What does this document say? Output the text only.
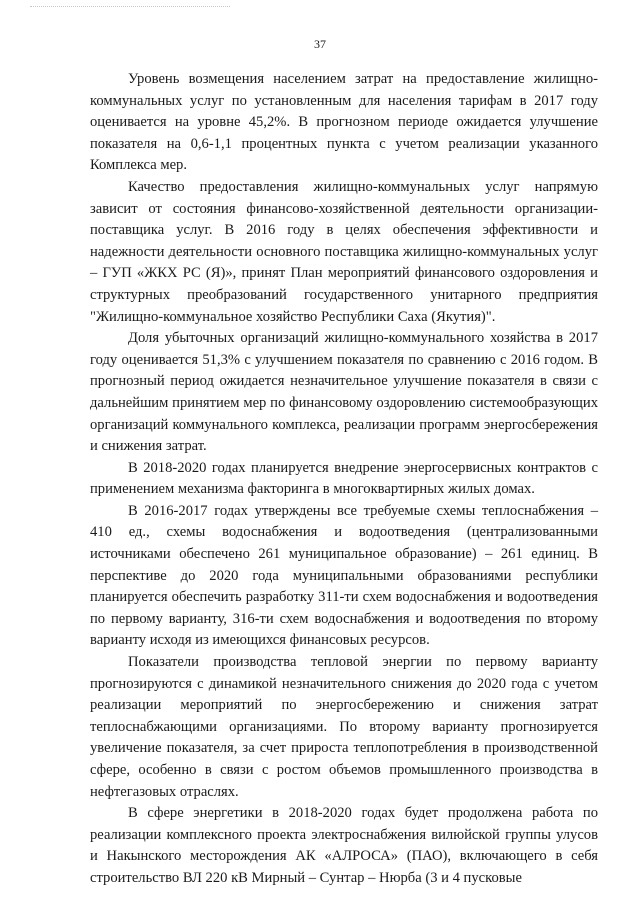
37

Уровень возмещения населением затрат на предоставление жилищно-коммунальных услуг по установленным для населения тарифам в 2017 году оценивается на уровне 45,2%. В прогнозном периоде ожидается улучшение показателя на 0,6-1,1 процентных пункта с учетом реализации указанного Комплекса мер.

Качество предоставления жилищно-коммунальных услуг напрямую зависит от состояния финансово-хозяйственной деятельности организации-поставщика услуг. В 2016 году в целях обеспечения эффективности и надежности деятельности основного поставщика жилищно-коммунальных услуг – ГУП «ЖКХ РС (Я)», принят План мероприятий финансового оздоровления и структурных преобразований государственного унитарного предприятия "Жилищно-коммунальное хозяйство Республики Саха (Якутия)".

Доля убыточных организаций жилищно-коммунального хозяйства в 2017 году оценивается 51,3% с улучшением показателя по сравнению с 2016 годом. В прогнозный период ожидается незначительное улучшение показателя в связи с дальнейшим принятием мер по финансовому оздоровлению системообразующих организаций коммунального комплекса, реализации программ энергосбережения и снижения затрат.

В 2018-2020 годах планируется внедрение энергосервисных контрактов с применением механизма факторинга в многоквартирных жилых домах.

В 2016-2017 годах утверждены все требуемые схемы теплоснабжения – 410 ед., схемы водоснабжения и водоотведения (централизованными источниками обеспечено 261 муниципальное образование) – 261 единиц. В перспективе до 2020 года муниципальными образованиями республики планируется обеспечить разработку 311-ти схем водоснабжения и водоотведения по первому варианту, 316-ти схем водоснабжения и водоотведения по второму варианту исходя из имеющихся финансовых ресурсов.

Показатели производства тепловой энергии по первому варианту прогнозируются с динамикой незначительного снижения до 2020 года с учетом реализации мероприятий по энергосбережению и снижения затрат теплоснабжающими организациями. По второму варианту прогнозируется увеличение показателя, за счет прироста теплопотребления в производственной сфере, особенно в связи с ростом объемов промышленного производства в нефтегазовых отраслях.

В сфере энергетики в 2018-2020 годах будет продолжена работа по реализации комплексного проекта электроснабжения вилюйской группы улусов и Накынского месторождения АК «АЛРОСА» (ПАО), включающего в себя строительство ВЛ 220 кВ Мирный – Сунтар – Нюрба (3 и 4 пусковые
